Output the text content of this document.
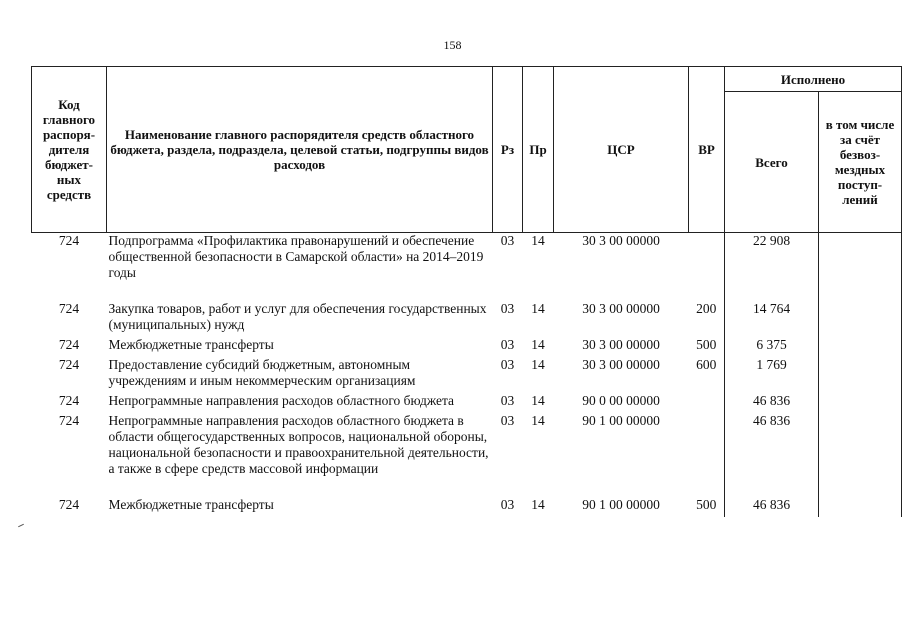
158
Код главного распоря-дителя бюджет-ных средств	Наименование главного распорядителя средств областного бюджета, раздела, подраздела, целевой статьи, подгруппы видов расходов	Рз	Пр	ЦСР	ВР	Исполнено	
						Всего	в том числе за счёт безвоз-мездных поступ-лений
724	Подпрограмма «Профилактика правонарушений и обеспечение общественной безопасности в Самарской области» на 2014–2019 годы	03	14	30 3 00 00000		22 908	
724	Закупка товаров, работ и услуг для обеспечения государственных (муниципальных) нужд	03	14	30 3 00 00000	200	14 764	
724	Межбюджетные трансферты	03	14	30 3 00 00000	500	6 375	
724	Предоставление субсидий бюджетным, автономным учреждениям и иным некоммерческим организациям	03	14	30 3 00 00000	600	1 769	
724	Непрограммные направления расходов областного бюджета	03	14	90 0 00 00000		46 836	
724	Непрограммные направления расходов областного бюджета в области общегосударственных вопросов, национальной обороны, национальной безопасности и правоохранительной деятельности, а также в сфере средств массовой информации	03	14	90 1 00 00000		46 836	
724	Межбюджетные трансферты	03	14	90 1 00 00000	500	46 836	
